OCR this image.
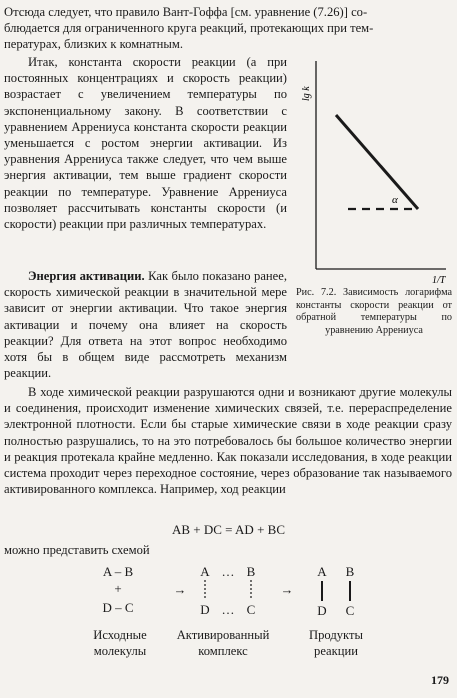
Отсюда следует, что правило Вант-Гоффа [см. уравнение (7.26)] со-
блюдается для ограниченного круга реакций, протекающих при тем-
пературах, близких к комнатным.

Итак, константа скорости реакции (а при постоянных концентрациях и скорость реакции) возрастает с увеличением температуры по экспоненциальному закону. В соответствии с уравнением Аррениуса константа скорости реакции уменьшается с ростом энергии активации. Из уравнения Аррениуса также следует, что чем выше энергия активации, тем выше градиент скорости реакции по температуре. Уравнение Аррениуса позволяет рассчитывать константы скорости (и скорости) реакции при различных температурах.

Энергия активации. Как было показано ранее, скорость химической реакции в значительной мере зависит от энергии активации. Что такое энергия активации и почему она влияет на скорость реакции? Для ответа на этот вопрос необходимо хотя бы в общем виде рассмотреть механизм реакции.

α
lg k
1/T
Рис. 7.2. Зависимость логарифма константы скорости реакции от обратной температуры по уравнению Аррениуса

В ходе химической реакции разрушаются одни и возникают другие молекулы и соединения, происходит изменение химических связей, т.е. перераспределение электронной плотности. Если бы старые химические связи в ходе реакции сразу полностью разрушались, то на это потребовалось бы большое количество энергии и реакция протекала крайне медленно. Как показали исследования, в ходе реакции система проходит через переходное состояние, через образование так называемого активированного комплекса. Например, ход реакции

AB + DC = AD + BC
можно представить схемой
A – B
+
D – C
→
A … B
D … C
→
A B
D C
Исходные молекулы
Активированный комплекс
Продукты реакции
179
